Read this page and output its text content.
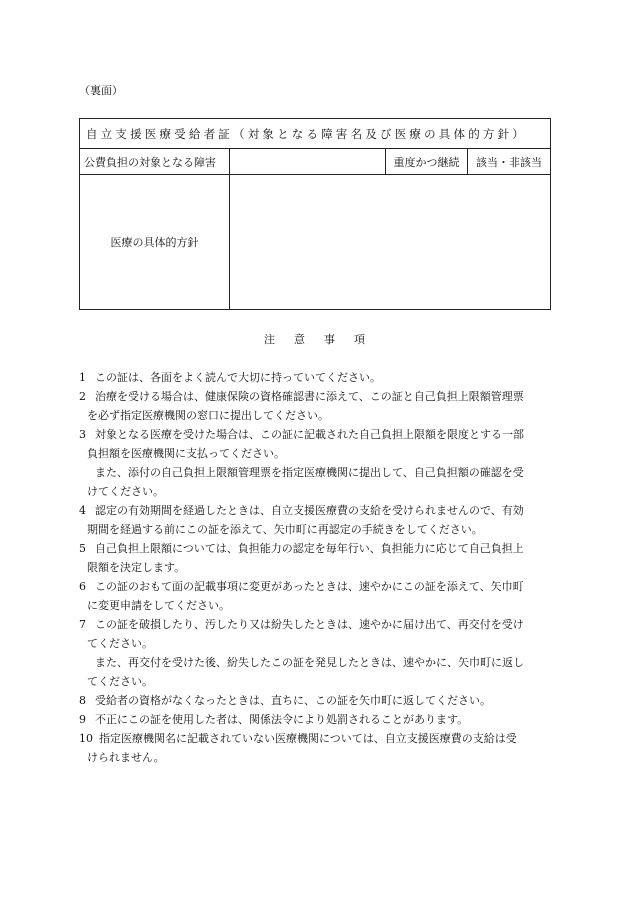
（裏面）
自立支援医療受給者証（対象となる障害名及び医療の具体的方針）
公費負担の対象となる障害	重度かつ継続	該当・非該当
医療の具体的方針
注 意 事 項
1 この証は、各面をよく読んで大切に持っていてください。
2 治療を受ける場合は、健康保険の資格確認書に添えて、この証と自己負担上限額管理票
を必ず指定医療機関の窓口に提出してください。
3 対象となる医療を受けた場合は、この証に記載された自己負担上限額を限度とする一部
負担額を医療機関に支払ってください。
また、添付の自己負担上限額管理票を指定医療機関に提出して、自己負担額の確認を受
けてください。
4 認定の有効期間を経過したときは、自立支援医療費の支給を受けられませんので、有効
期間を経過する前にこの証を添えて、矢巾町に再認定の手続きをしてください。
5 自己負担上限額については、負担能力の認定を毎年行い、負担能力に応じて自己負担上
限額を決定します。
6 この証のおもて面の記載事項に変更があったときは、速やかにこの証を添えて、矢巾町
に変更申請をしてください。
7 この証を破損したり、汚したり又は紛失したときは、速やかに届け出て、再交付を受け
てください。
また、再交付を受けた後、紛失したこの証を発見したときは、速やかに、矢巾町に返し
てください。
8 受給者の資格がなくなったときは、直ちに、この証を矢巾町に返してください。
9 不正にこの証を使用した者は、関係法令により処罰されることがあります。
10 指定医療機関名に記載されていない医療機関については、自立支援医療費の支給は受
けられません。
